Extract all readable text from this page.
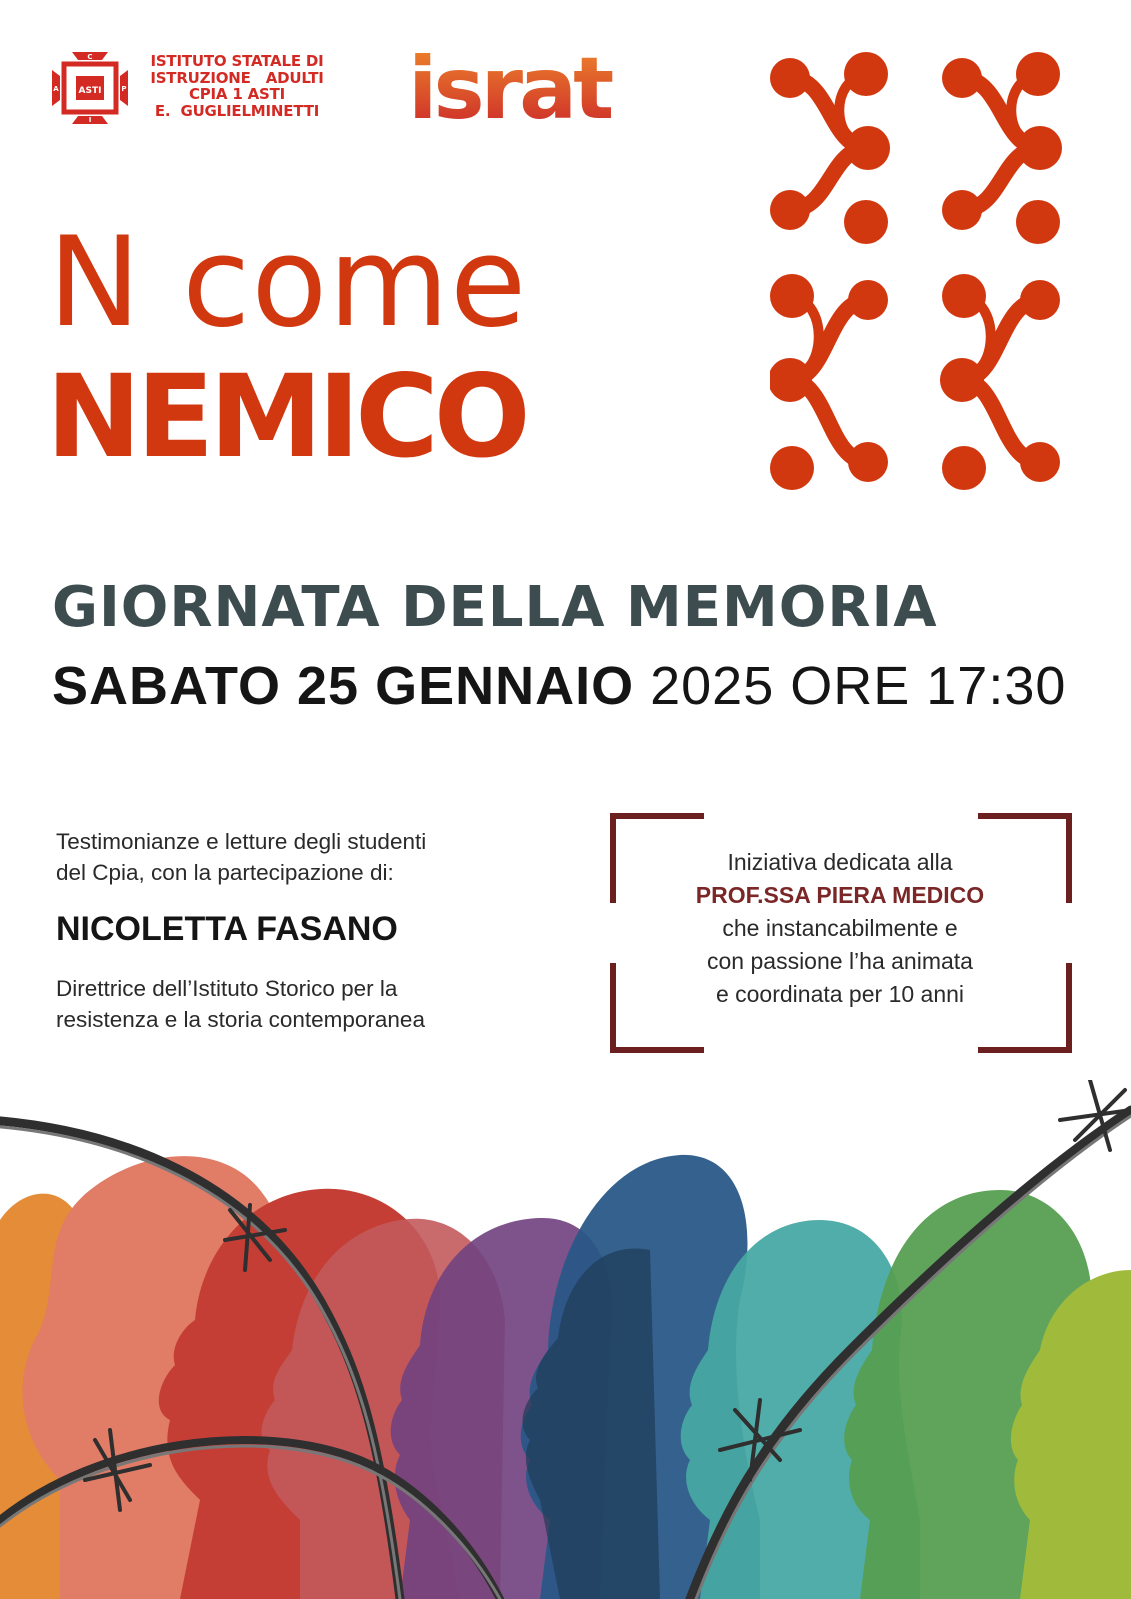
ASTI
C
P
I
A
ISTITUTO STATALE DI
ISTRUZIONE   ADULTI
CPIA 1 ASTI
E.  GUGLIELMINETTI israt
N come
NEMICO
GIORNATA DELLA MEMORIA
SABATO 25 GENNAIO 2025 ORE 17:30
Testimonianze e letture degli studenti
del Cpia, con la partecipazione di:
NICOLETTA FASANO
Direttrice dell’Istituto Storico per la
resistenza e la storia contemporanea
Iniziativa dedicata alla
PROF.SSA PIERA MEDICO
che instancabilmente e
con passione l’ha animata
e coordinata per 10 anni
